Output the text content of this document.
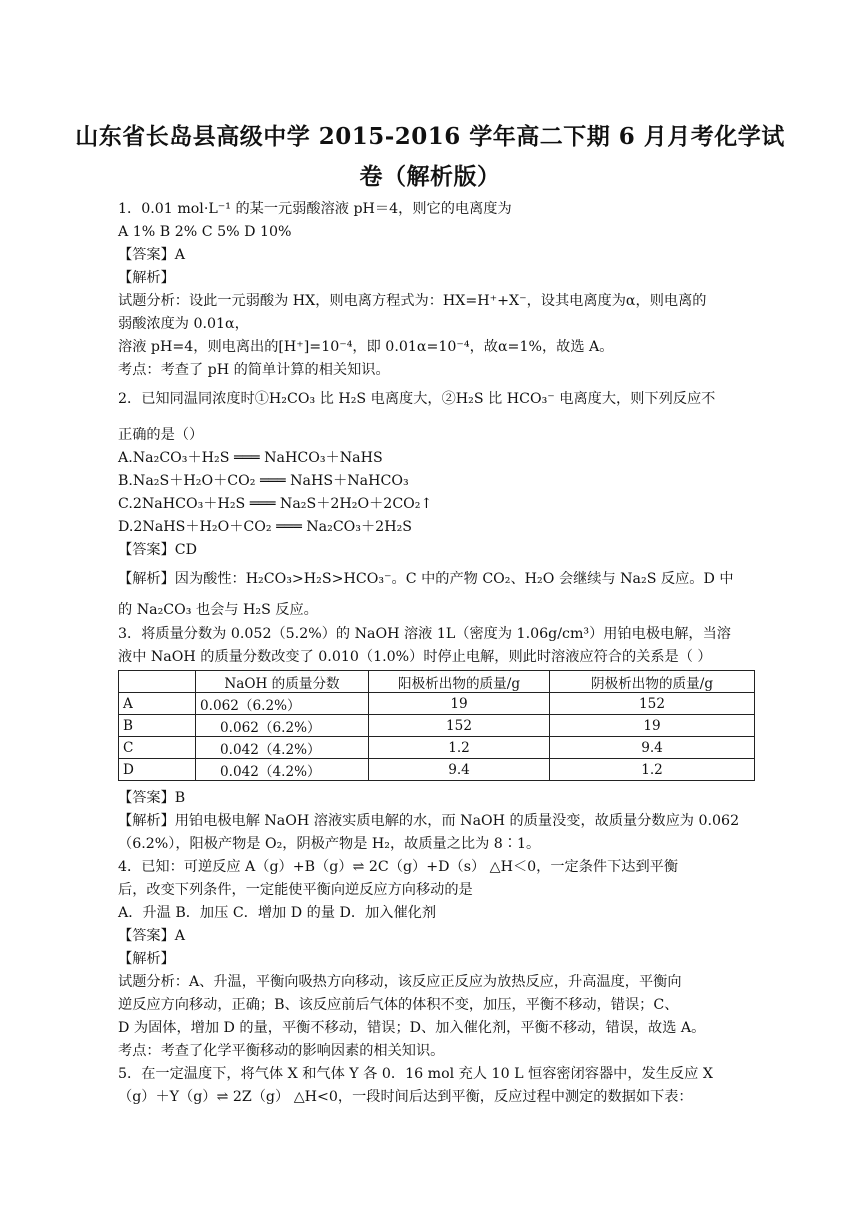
山东省长岛县高级中学 2015-2016 学年高二下期 6 月月考化学试
卷（解析版）
1．0.01 mol·L⁻¹ 的某一元弱酸溶液 pH＝4，则它的电离度为
A 1% B 2% C 5% D 10%
【答案】A
【解析】
试题分析：设此一元弱酸为 HX，则电离方程式为：HX=H⁺+X⁻，设其电离度为α，则电离的
弱酸浓度为 0.01α，
溶液 pH=4，则电离出的[H⁺]=10⁻⁴，即 0.01α=10⁻⁴，故α=1%，故选 A。
考点：考查了 pH 的简单计算的相关知识。
2．已知同温同浓度时①H₂CO₃ 比 H₂S 电离度大，②H₂S 比 HCO₃⁻ 电离度大，则下列反应不
正确的是（）
A.Na₂CO₃＋H₂S ═══ NaHCO₃＋NaHS
B.Na₂S＋H₂O＋CO₂ ═══ NaHS＋NaHCO₃
C.2NaHCO₃＋H₂S ═══ Na₂S＋2H₂O＋2CO₂↑
D.2NaHS＋H₂O＋CO₂ ═══ Na₂CO₃＋2H₂S
【答案】CD
【解析】因为酸性：H₂CO₃>H₂S>HCO₃⁻。C 中的产物 CO₂、H₂O 会继续与 Na₂S 反应。D 中
的 Na₂CO₃ 也会与 H₂S 反应。
3．将质量分数为 0.052（5.2%）的 NaOH 溶液 1L（密度为 1.06g/cm³）用铂电极电解，当溶
液中 NaOH 的质量分数改变了 0.010（1.0%）时停止电解，则此时溶液应符合的关系是（ ）
	NaOH 的质量分数	阳极析出物的质量/g	阴极析出物的质量/g
A	0.062（6.2%）	19	152
B	0.062（6.2%）	152	19
C	0.042（4.2%）	1.2	9.4
D	0.042（4.2%）	9.4	1.2
【答案】B
【解析】用铂电极电解 NaOH 溶液实质电解的水，而 NaOH 的质量没变，故质量分数应为 0.062
（6.2%），阳极产物是 O₂，阴极产物是 H₂，故质量之比为 8∶1。
4．已知：可逆反应 A（g）+B（g）⇌ 2C（g）+D（s） △H＜0，一定条件下达到平衡
后，改变下列条件，一定能使平衡向逆反应方向移动的是
A．升温 B．加压 C．增加 D 的量 D．加入催化剂
【答案】A
【解析】
试题分析：A、升温，平衡向吸热方向移动，该反应正反应为放热反应，升高温度，平衡向
逆反应方向移动，正确；B、该反应前后气体的体积不变，加压，平衡不移动，错误；C、
D 为固体，增加 D 的量，平衡不移动，错误；D、加入催化剂，平衡不移动，错误，故选 A。
考点：考查了化学平衡移动的影响因素的相关知识。
5．在一定温度下，将气体 X 和气体 Y 各 0．16 mol 充人 10 L 恒容密闭容器中，发生反应 X
（g）＋Y（g）⇌ 2Z（g） △H<0，一段时间后达到平衡，反应过程中测定的数据如下表：
